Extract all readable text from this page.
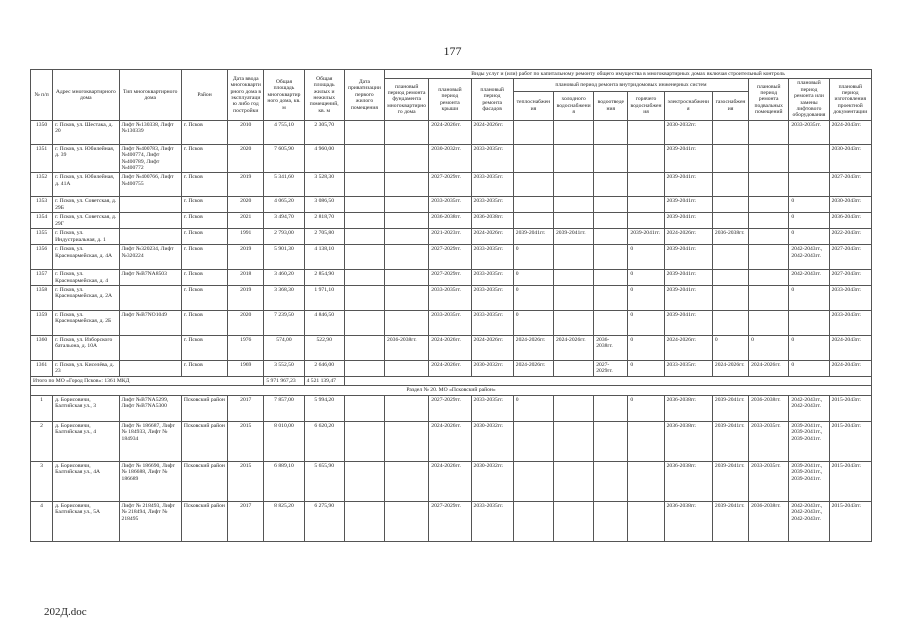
177
№ п/п	Адрес многоквартирного дома	Тип многоквартирного дома	Район	Дата ввода многоквартирного дома в эксплуатацию либо год постройки	Общая площадь многоквартирного дома, кв. м	Общая площадь жилых и нежилых помещений, кв. м	Дата приватизации первого жилого помещения	Виды услуг и (или) работ по капитальному ремонту общего имущества в многоквартирных домах включая строительный контроль											
								плановый период ремонта фундамента многоквартирного дома	плановый период ремонта крыши	плановый период ремонта фасадов	плановый период ремонта внутридомовых инженерных систем						плановый период ремонта подвальных помещений	плановый период ремонта или замены лифтового оборудования	плановый период изготовления проектной документации
											теплоснабжения	холодного водоснабжения	водоотведения	горячего водоснабжения	электроснабжения	газоснабжения			
1350	г. Псков, ул. Шестака, д. 20	Лифт №130338, Лифт №130339	г. Псков	2010	4 755,10	2 305,70			2024-2026гг.	2024-2026гг.					2030-2032гг.			2033-2035гг.	2024-2043гг.
1351	г. Псков, ул. Юбилейная, д. 39	Лифт №400783, Лифт №400774, Лифт №400789, Лифт №400772	г. Псков	2020	7 605,90	4 960,00			2030-2032гг.	2033-2035гг.					2039-2041гг.				2030-2043гг.
1352	г. Псков, ул. Юбилейная, д. 41А	Лифт №400766, Лифт №400755	г. Псков	2019	5 341,60	3 528,30			2027-2029гг.	2033-2035гг.					2039-2041гг.				2027-2043гг.
1353	г. Псков, ул. Советская, д. 29Б		г. Псков	2020	4 065,20	3 086,50			2033-2035гг.	2033-2035гг.					2039-2041гг.			0	2030-2043гг.
1354	г. Псков, ул. Советская, д. 29Г		г. Псков	2021	3 494,70	2 818,70			2036-2038гг.	2036-2038гг.					2039-2041гг.			0	2036-2043гг.
1355	г. Псков, ул. Индустриальная, д. 1		г. Псков	1991	2 793,00	2 705,80			2021-2023гг.	2024-2026гг.	2039-2041гг.	2039-2041гг.		2039-2041гг.	2024-2026гг.	2036-2038гг.		0	2022-2043гг.
1356	г. Псков, ул. Красноармейская, д. 4А	Лифт №320234, Лифт №320224	г. Псков	2019	5 901,30	4 138,10			2027-2029гг.	2033-2035гг.	0			0	2039-2041гг.			2042-2043гг., 2042-2043гг.	2027-2043гг.
1357	г. Псков, ул. Красноармейская, д. 4	Лифт №В7NA8503	г. Псков	2018	3 460,20	2 854,90			2027-2029гг.	2033-2035гг.	0			0	2039-2041гг.			2042-2043гг.	2027-2043гг.
1358	г. Псков, ул. Красноармейская, д. 2А		г. Псков	2019	3 368,30	1 971,10			2033-2035гг.	2033-2035гг.	0			0	2039-2041гг.			0	2033-2043гг.
1359	г. Псков, ул. Красноармейская, д. 2Б	Лифт №В7NO1049	г. Псков	2020	7 239,50	4 846,50			2033-2035гг.	2033-2035гг.	0			0	2039-2041гг.				2033-2043гг.
1360	г. Псков, ул. Изборского батальона, д. 10А		г. Псков	1976	574,00	522,90		2036-2038гг.	2024-2026гг.	2024-2026гг.	2024-2026гг.	2024-2026гг.	2036-2038гг.	0	2024-2026гг.	0	0	0	2024-2043гг.
1361	г. Псков, ул. Киселёва, д. 23		г. Псков	1969	3 552,50	2 646,00			2024-2026гг.	2030-2032гг.	2024-2026гг.		2027-2029гг.	0	2033-2035гг.	2024-2026гг.	2024-2026гг.	0	2024-2043гг.
Итого по МО «Город Псков»: 1361 МКД					5 971 967,23	4 521 139,47													
Раздел № 20. МО «Псковский район»																			
1	д. Борисовичи, Балтийская ул., 3	Лифт №В7NA5299, Лифт №В7NA5300	Псковский район	2017	7 857,00	5 994,20			2027-2029гг.	2033-2035гг.	0			0	2036-2038гг.	2039-2041гг.	2036-2038гг.	2042-2043гг., 2042-2043гг.	2015-2043гг.
2	д. Борисовичи, Балтийская ул., 4	Лифт № 186687, Лифт № 184933, Лифт № 184934	Псковский район	2015	8 010,00	6 620,20			2024-2026гг.	2030-2032гг.					2036-2038гг.	2039-2041гг.	2033-2035гг.	2039-2041гг., 2039-2041гг., 2039-2041гг.	2015-2043гг.
3	д. Борисовичи, Балтийская ул., 4А	Лифт № 186690, Лифт № 186688, Лифт № 186689	Псковский район	2015	6 889,10	5 655,90			2024-2026гг.	2030-2032гг.					2036-2038гг.	2039-2041гг.	2033-2035гг.	2039-2041гг., 2039-2041гг., 2039-2041гг.	2015-2043гг.
4	д. Борисовичи, Балтийская ул., 5А	Лифт № 218493, Лифт № 218494, Лифт № 218495	Псковский район	2017	8 825,20	6 275,90			2027-2029гг.	2033-2035гг.					2036-2038гг.	2039-2041гг.	2036-2038гг.	2042-2043гг., 2042-2043гг., 2042-2043гг.	2015-2043гг.
202Д.doc
